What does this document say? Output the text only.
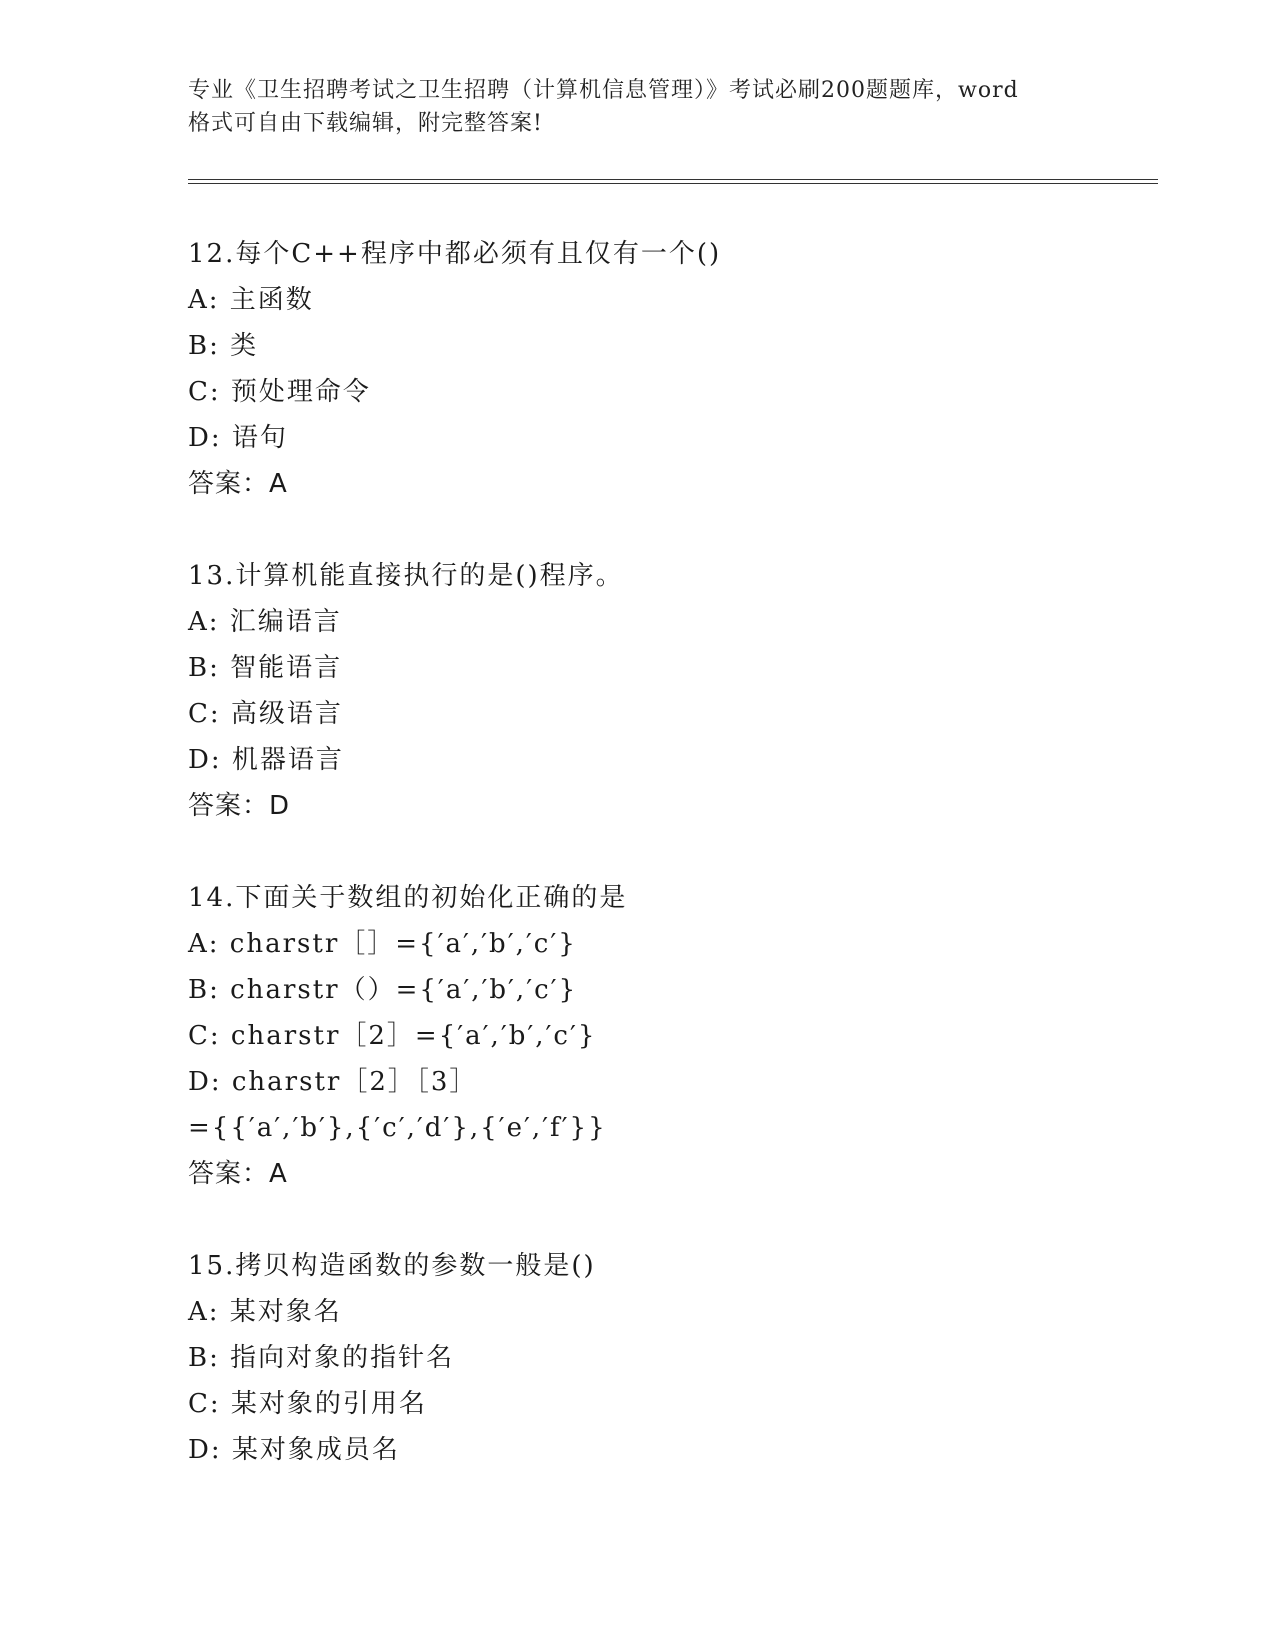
专业《卫生招聘考试之卫生招聘（计算机信息管理）》考试必刷200题题库，word
格式可自由下载编辑，附完整答案!
12.每个C++程序中都必须有且仅有一个()
A: 主函数
B: 类
C: 预处理命令
D: 语句
答案：A
13.计算机能直接执行的是()程序。
A: 汇编语言
B: 智能语言
C: 高级语言
D: 机器语言
答案：D
14.下面关于数组的初始化正确的是
A: charstr［］={′a′,′b′,′c′}
B: charstr（）={′a′,′b′,′c′}
C: charstr［2］={′a′,′b′,′c′}
D: charstr［2］［3］
={{′a′,′b′},{′c′,′d′},{′e′,′f′}}
答案：A
15.拷贝构造函数的参数一般是()
A: 某对象名
B: 指向对象的指针名
C: 某对象的引用名
D: 某对象成员名
